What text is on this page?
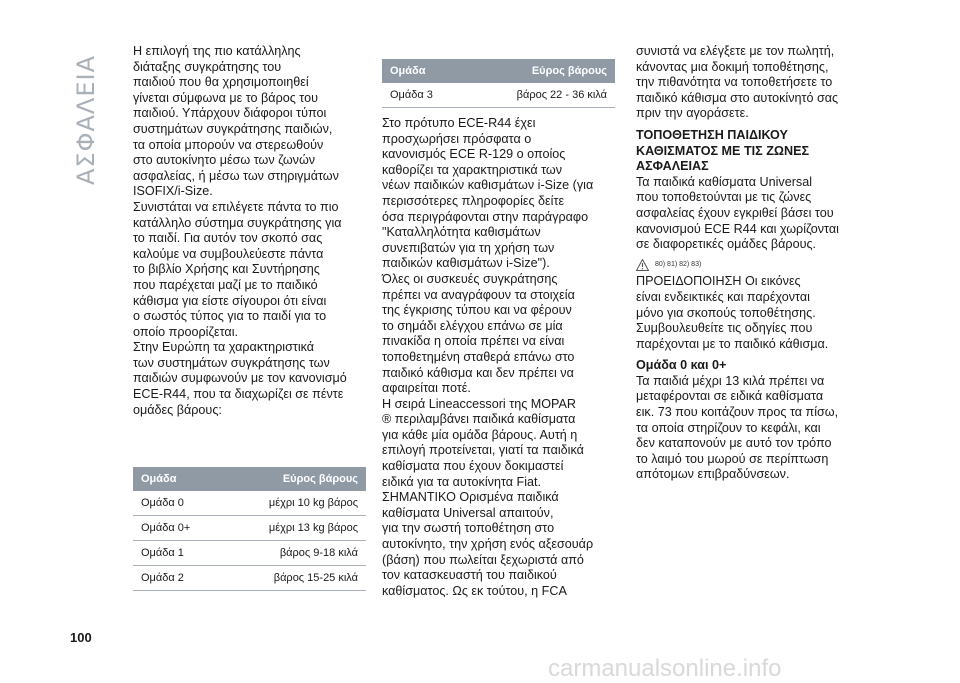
ΑΣΦΑΛΕΙΑ

Η επιλογή της πιο κατάλληλης

διάταξης συγκράτησης του

παιδιού που θα χρησιμοποιηθεί

γίνεται σύμφωνα με το βάρος του

παιδιού. Υπάρχουν διάφοροι τύποι

συστημάτων συγκράτησης παιδιών,

τα οποία μπορούν να στερεωθούν

στο αυτοκίνητο μέσω των ζωνών

ασφαλείας, ή μέσω των στηριγμάτων

ISOFIX/i-Size.

Συνιστάται να επιλέγετε πάντα το πιο

κατάλληλο σύστημα συγκράτησης για

το παιδί. Για αυτόν τον σκοπό σας

καλούμε να συμβουλεύεστε πάντα

το βιβλίο Χρήσης και Συντήρησης

που παρέχεται μαζί με το παιδικό

κάθισμα για είστε σίγουροι ότι είναι

ο σωστός τύπος για το παιδί για το

οποίο προορίζεται.

Στην Ευρώπη τα χαρακτηριστικά

των συστημάτων συγκράτησης των

παιδιών συμφωνούν με τον κανονισμό

ECE-R44, που τα διαχωρίζει σε πέντε

ομάδες βάρους:

Ομάδα	Εύρος βάρους
Ομάδα 0	μέχρι 10 kg βάρος
Ομάδα 0+	μέχρι 13 kg βάρος
Ομάδα 1	βάρος 9-18 κιλά
Ομάδα 2	βάρος 15-25 κιλά
Ομάδα	Εύρος βάρους
Ομάδα 3	βάρος 22 - 36 κιλά

Στο πρότυπο ECE-R44 έχει

προσχωρήσει πρόσφατα ο

κανονισμός ECE R-129 ο οποίος

καθορίζει τα χαρακτηριστικά των

νέων παιδικών καθισμάτων i-Size (για

περισσότερες πληροφορίες δείτε

όσα περιγράφονται στην παράγραφο

"Καταλληλότητα καθισμάτων

συνεπιβατών για τη χρήση των

παιδικών καθισμάτων i-Size").

Όλες οι συσκευές συγκράτησης

πρέπει να αναγράφουν τα στοιχεία

της έγκρισης τύπου και να φέρουν

το σημάδι ελέγχου επάνω σε μία

πινακίδα η οποία πρέπει να είναι

τοποθετημένη σταθερά επάνω στο

παιδικό κάθισμα και δεν πρέπει να

αφαιρείται ποτέ.

Η σειρά Lineaccessori της MOPAR

® περιλαμβάνει παιδικά καθίσματα

για κάθε μία ομάδα βάρους. Αυτή η

επιλογή προτείνεται, γιατί τα παιδικά

καθίσματα που έχουν δοκιμαστεί

ειδικά για τα αυτοκίνητα Fiat.

ΣΗΜΑΝΤΙΚΟ Ορισμένα παιδικά

καθίσματα Universal απαιτούν,

για την σωστή τοποθέτηση στο

αυτοκίνητο, την χρήση ενός αξεσουάρ

(βάση) που πωλείται ξεχωριστά από

τον κατασκευαστή του παιδικού

καθίσματος. Ως εκ τούτου, η FCA

συνιστά να ελέγξετε με τον πωλητή,

κάνοντας μια δοκιμή τοποθέτησης,

την πιθανότητα να τοποθετήσετε το

παιδικό κάθισμα στο αυτοκίνητό σας

πριν την αγοράσετε.

ΤΟΠΟΘΕΤΗΣΗ ΠΑΙΔΙΚΟΥ

ΚΑΘΙΣΜΑΤΟΣ ΜΕ ΤΙΣ ΖΩΝΕΣ

ΑΣΦΑΛΕΙΑΣ

Τα παιδικά καθίσματα Universal

που τοποθετούνται με τις ζώνες

ασφαλείας έχουν εγκριθεί βάσει του

κανονισμού ECE R44 και χωρίζονται

σε διαφορετικές ομάδες βάρους.

80) 81) 82) 83)

ΠΡΟΕΙΔΟΠΟΙΗΣΗ Οι εικόνες

είναι ενδεικτικές και παρέχονται

μόνο για σκοπούς τοποθέτησης.

Συμβουλευθείτε τις οδηγίες που

παρέχονται με το παιδικό κάθισμα.

Ομάδα 0 και 0+

Τα παιδιά μέχρι 13 κιλά πρέπει να

μεταφέρονται σε ειδικά καθίσματα

εικ. 73 που κοιτάζουν προς τα πίσω,

τα οποία στηρίζουν το κεφάλι, και

δεν καταπονούν με αυτό τον τρόπο

το λαιμό του μωρού σε περίπτωση

απότομων επιβραδύνσεων.

100
carmanualsonline.info
